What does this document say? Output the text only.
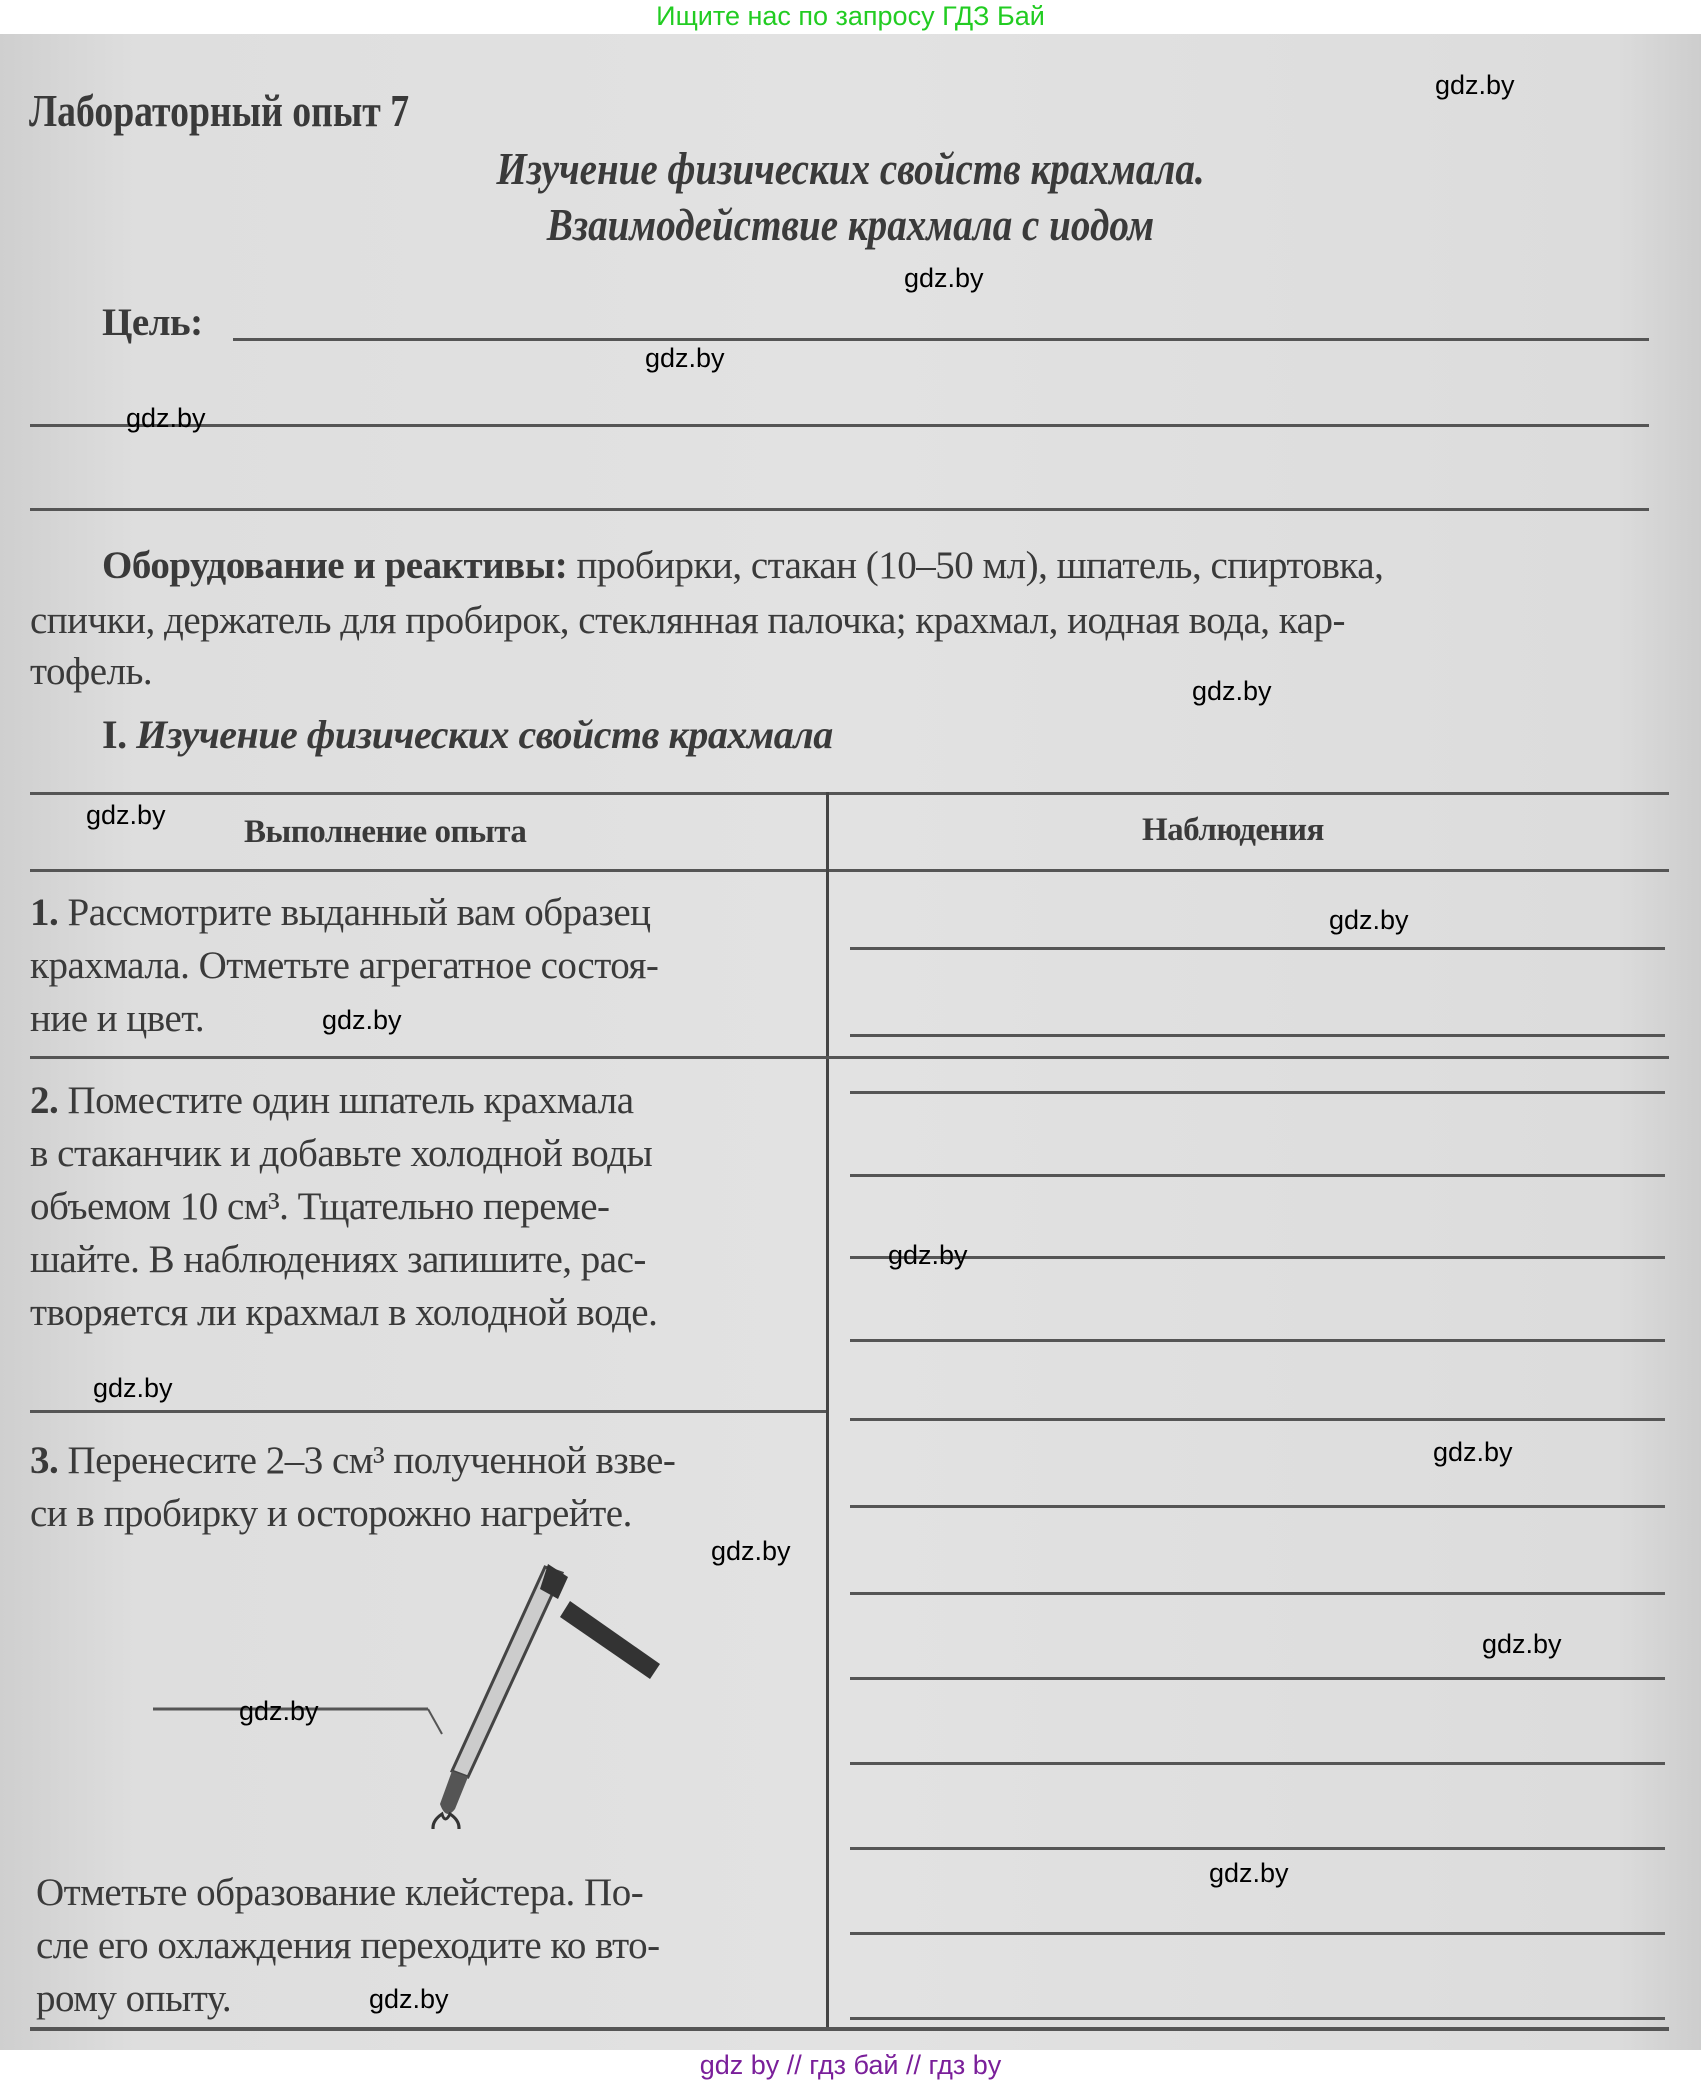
Ищите нас по запросу ГДЗ Бай
Лабораторный опыт 7
Изучение физических свойств крахмала.
Взаимодействие крахмала с иодом
Цель:
Оборудование и реактивы: пробирки, стакан (10–50 мл), шпатель, спиртовка,
спички, держатель для пробирок, стеклянная палочка; крахмал, иодная вода, кар-
тофель.
I. Изучение физических свойств крахмала
Выполнение опыта	Наблюдения
1. Рассмотрите выданный вам образец
крахмала. Отметьте агрегатное состоя-
ние и цвет.
2. Поместите один шпатель крахмала
в стаканчик и добавьте холодной воды
объемом 10 см³. Тщательно переме-
шайте. В наблюдениях запишите, рас-
творяется ли крахмал в холодной воде.
3. Перенесите 2–3 см³ полученной взве-
си в пробирку и осторожно нагрейте.
Отметьте образование клейстера. По-
сле его охлаждения переходите ко вто-
рому опыту.
gdz.by
gdz.by
gdz.by
gdz.by
gdz.by
gdz.by
gdz.by
gdz.by
gdz.by
gdz.by
gdz.by
gdz.by
gdz.by
gdz.by
gdz.by
gdz.by
gdz by // гдз бай // гдз by
